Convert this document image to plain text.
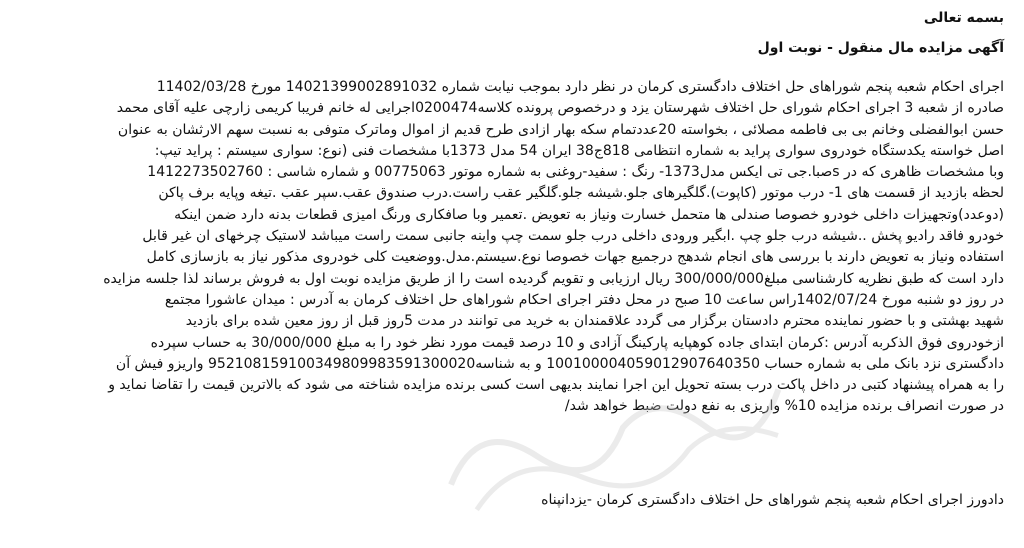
بسمه تعالی
آگهی مزایده مال منقول - نوبت اول
اجرای احکام شعبه پنجم شوراهای حل اختلاف دادگستری کرمان در نظر دارد بموجب نیابت شماره 14021399002891032 مورخ 11402/03/28
صادره از شعبه 3 اجرای احکام شورای حل اختلاف شهرستان یزد و درخصوص پرونده کلاسه0200474اجرایی له خانم فریبا کریمی زارچی علیه آقای محمد
حسن ابوالفضلی وخانم بی بی فاطمه مصلائی ، بخواسته 20عددتمام سکه بهار ازادی طرح قدیم از اموال وماترک متوفی به نسبت سهم الارثشان به عنوان
اصل خواسته یکدستگاه خودروی سواری پراید به شماره انتظامی 818ج38 ایران 54 مدل 1373با مشخصات فنی (نوع: سواری سیستم : پراید تیپ:
وبا مشخصات ظاهری که در sصبا.جی تی ایکس مدل1373- رنگ : سفید-روغنی به شماره موتور 00775063 و شماره شاسی : 1412273502760
لحظه بازدید از قسمت های 1- درب موتور (کاپوت).گلگیرهای جلو.شیشه جلو.گلگیر عقب راست.درب صندوق عقب.سپر عقب .تیغه وپایه برف پاکن
(دوعدد)وتجهیزات داخلی خودرو خصوصا صندلی ها متحمل خسارت ونیاز به تعویض .تعمیر وبا صافکاری ورنگ امیزی قطعات بدنه دارد ضمن اینکه
خودرو فاقد رادیو پخش ..شیشه درب جلو چپ .ابگیر ورودی داخلی درب جلو سمت چپ واینه جانبی سمت راست میباشد لاستیک چرخهای ان غیر قابل
استفاده ونیاز به تعویض دارند با بررسی های انجام شدهج درجمیع جهات خصوصا نوع.سیستم.مدل.ووضعیت کلی خودروی مذکور نیاز به بازسازی کامل
دارد است که طبق نظریه کارشناسی مبلغ300/000/000 ریال ارزیابی و تقویم گردیده است را از طریق مزایده نوبت اول به فروش برساند لذا جلسه مزایده
در روز دو شنبه مورخ 1402/07/24راس ساعت 10 صبح در محل دفتر اجرای احکام شوراهای حل اختلاف کرمان به آدرس : میدان عاشورا مجتمع
شهید بهشتی و با حضور نماینده محترم دادستان برگزار می گردد علاقمندان به خرید می توانند در مدت 5روز قبل از روز معین شده برای بازدید
ازخودروی فوق الذکربه آدرس :کرمان ابتدای جاده کوهپایه پارکینگ آزادی و 10 درصد قیمت مورد نظر خود را به مبلغ 30/000/000 به حساب سپرده
دادگستری نزد بانک ملی به شماره حساب 100100004059012907640350 و به شناسه952108159100349809983591300020 واریزو فیش آن
را به همراه پیشنهاد کتبی در داخل پاکت درب بسته تحویل این اجرا نمایند بدیهی است کسی برنده مزایده شناخته می شود که بالاترین قیمت را تقاضا نماید و
در صورت انصراف برنده مزایده 10% واریزی به نفع دولت ضبط خواهد شد/
دادورز اجرای احکام شعبه پنجم شوراهای حل اختلاف دادگستری کرمان -یزدانپناه
